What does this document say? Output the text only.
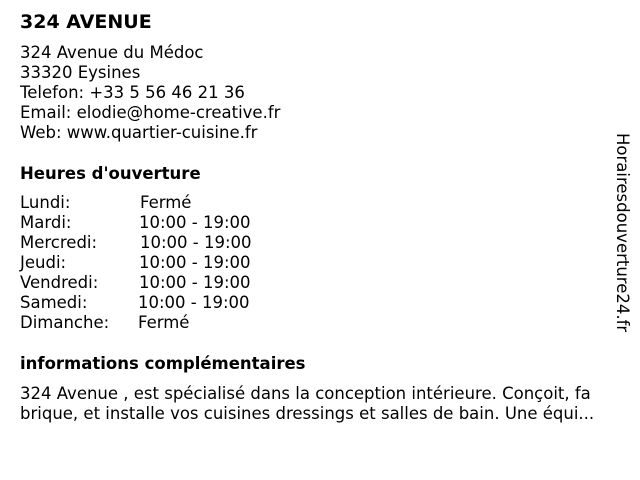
324 AVENUE
324 Avenue du Médoc
33320 Eysines
Telefon: +33 5 56 46 21 36
Email: elodie@home-creative.fr
Web: www.quartier-cuisine.fr
Heures d'ouverture
Lundi:	Fermé
Mardi:	10:00 - 19:00
Mercredi:	10:00 - 19:00
Jeudi:	10:00 - 19:00
Vendredi: 10:00 - 19:00
Samedi:	10:00 - 19:00
Dimanche: Fermé
informations complémentaires
324 Avenue , est spécialisé dans la conception intérieure. Conçoit, fa
brique, et installe vos cuisines dressings et salles de bain. Une équi...
Horairesdouverture24.fr
